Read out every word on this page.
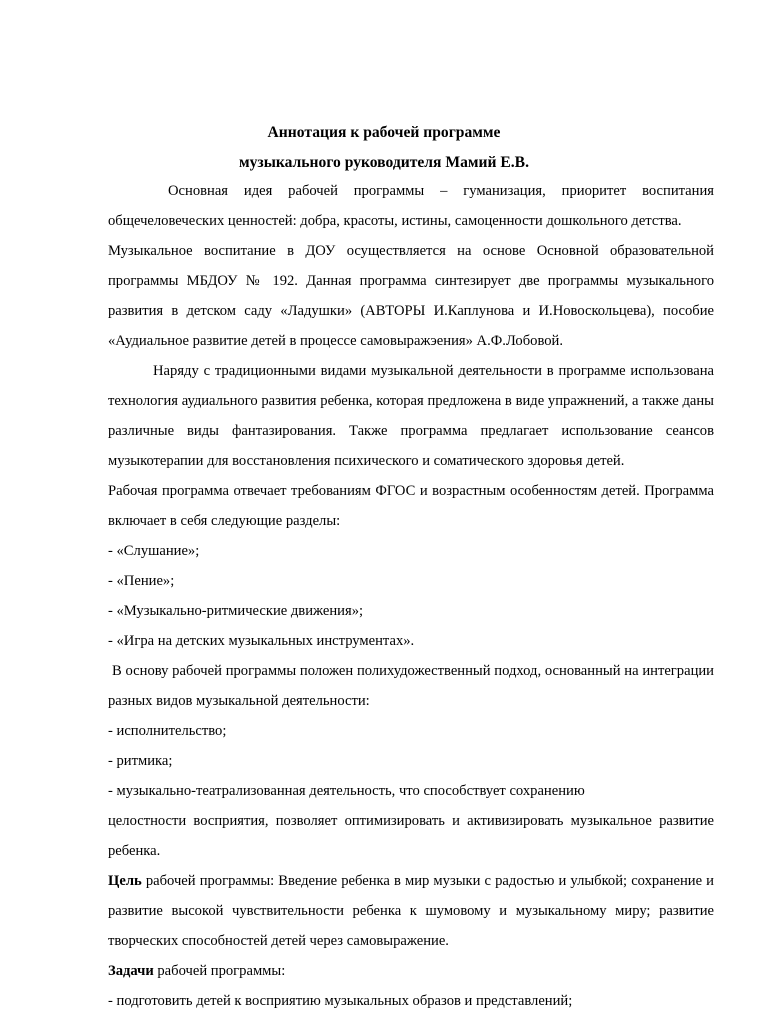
Аннотация к рабочей программе
музыкального руководителя Мамий Е.В.

Основная идея рабочей программы – гуманизация, приоритет воспитания общечеловеческих ценностей: добра, красоты, истины, самоценности дошкольного детства.

Музыкальное воспитание в ДОУ осуществляется на основе Основной образовательной программы МБДОУ № 192. Данная программа синтезирует две программы музыкального развития в детском саду «Ладушки» (АВТОРЫ И.Каплунова и И.Новоскольцева), пособие «Аудиальное развитие детей в процессе самовыражэения» А.Ф.Лобовой.

Наряду с традиционными видами музыкальной деятельности в программе использована технология аудиального развития ребенка, которая предложена в виде упражнений, а также даны различные виды фантазирования. Также программа предлагает использование сеансов музыкотерапии для восстановления психического и соматического здоровья детей.

Рабочая программа отвечает требованиям ФГОС и возрастным особенностям детей. Программа включает в себя следующие разделы:

- «Слушание»;

- «Пение»;

- «Музыкально-ритмические движения»;

- «Игра на детских музыкальных инструментах».

В основу рабочей программы положен полихудожественный подход, основанный на интеграции разных видов музыкальной деятельности:

- исполнительство;

- ритмика;

- музыкально-театрализованная деятельность, что способствует сохранению

целостности восприятия, позволяет оптимизировать и активизировать музыкальное развитие ребенка.

Цель рабочей программы: Введение ребенка в мир музыки с радостью и улыбкой; сохранение и развитие высокой чувствительности ребенка к шумовому и музыкальному миру; развитие творческих способностей детей через самовыражение.

Задачи рабочей программы:

- подготовить детей к восприятию музыкальных образов и представлений;
